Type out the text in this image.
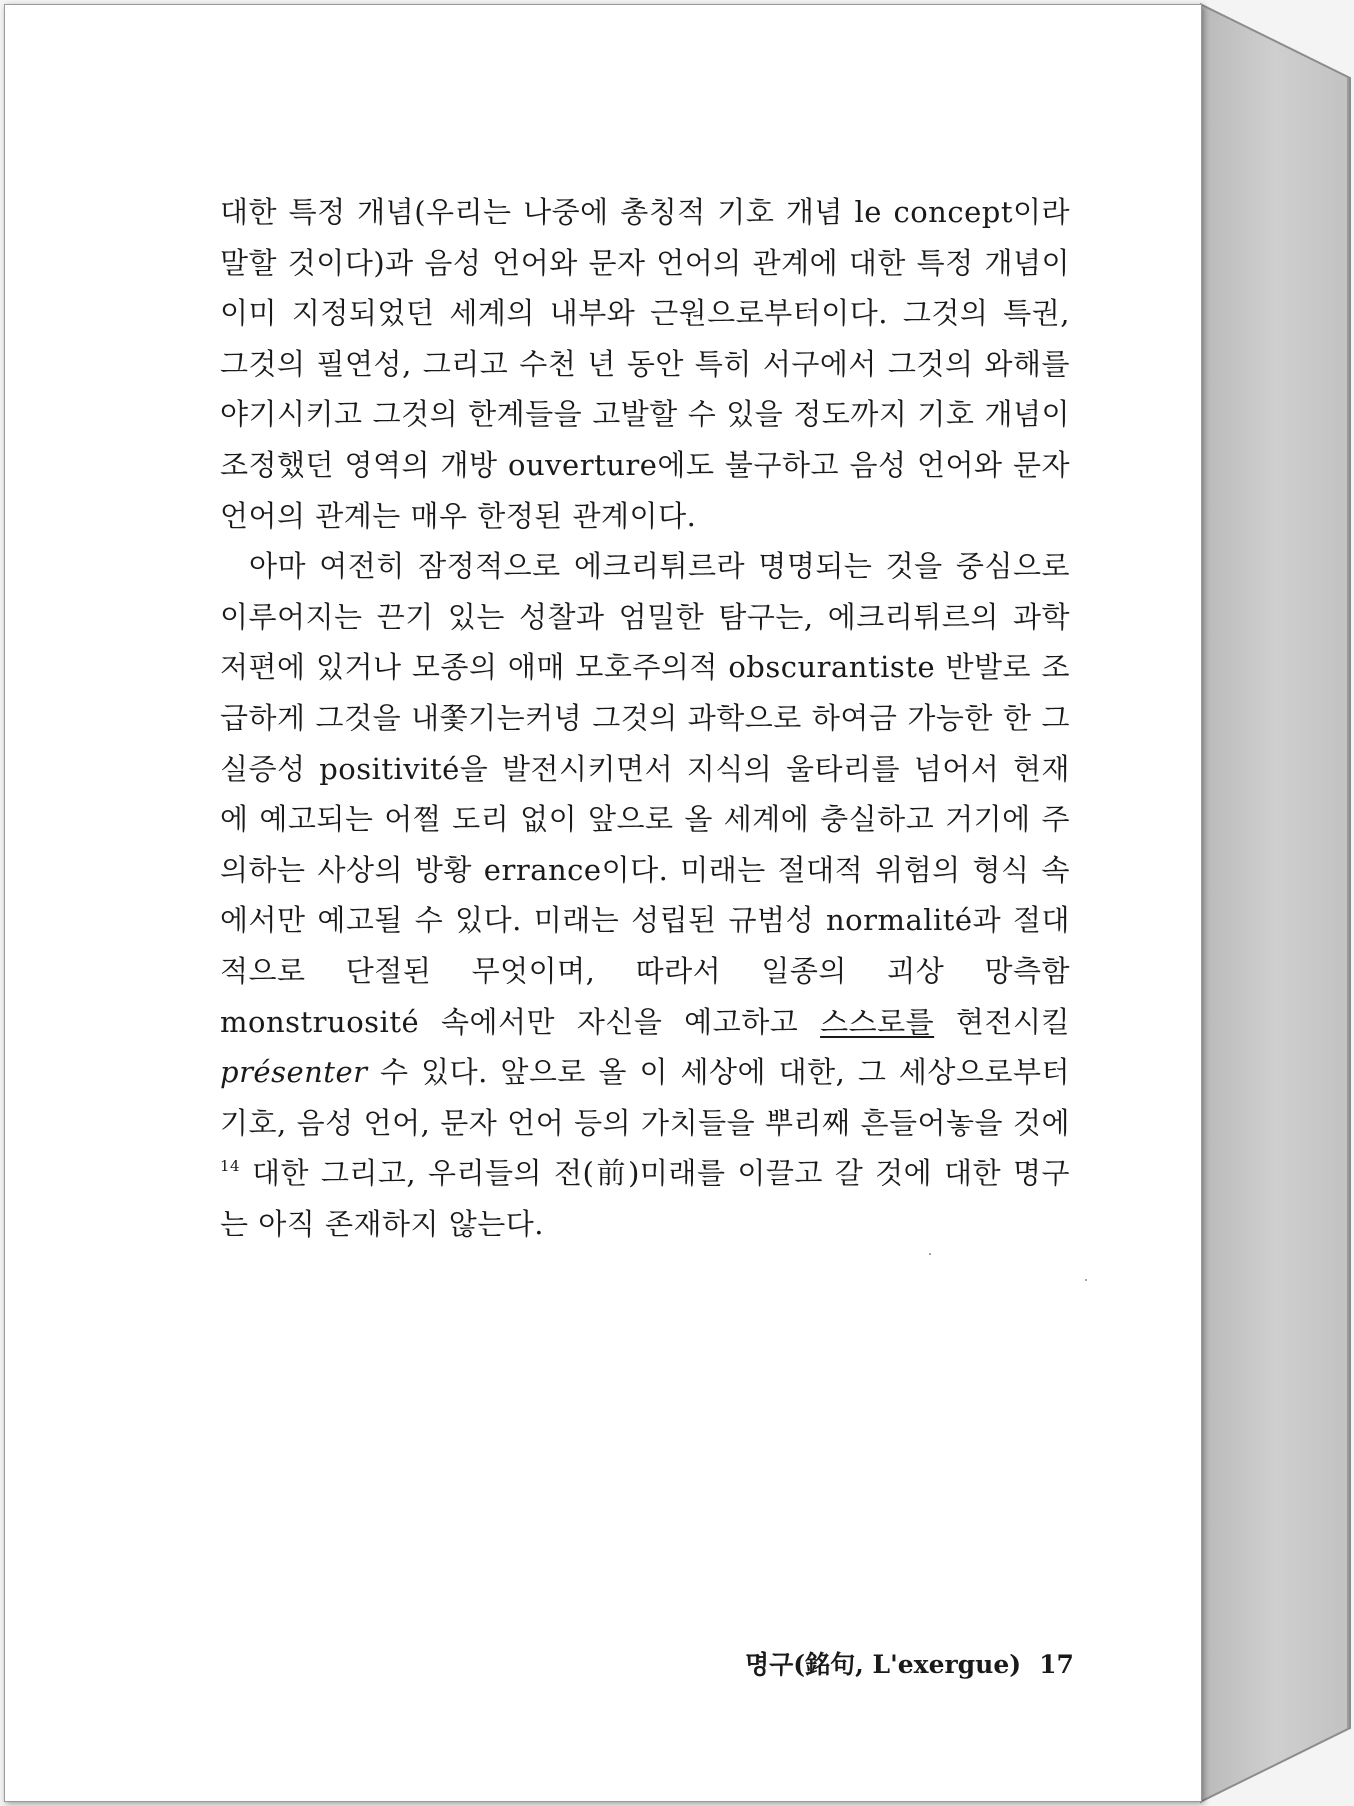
대한 특정 개념(우리는 나중에 총칭적 기호 개념 le concept이라 말할 것이다)과 음성 언어와 문자 언어의 관계에 대한 특정 개념이 이미 지정되었던 세계의 내부와 근원으로부터이다. 그것의 특권, 그것의 필연성, 그리고 수천 년 동안 특히 서구에서 그것의 와해를 야기시키고 그것의 한계들을 고발할 수 있을 정도까지 기호 개념이 조정했던 영역의 개방 ouverture에도 불구하고 음성 언어와 문자 언어의 관계는 매우 한정된 관계이다.

아마 여전히 잠정적으로 에크리튀르라 명명되는 것을 중심으로 이루어지는 끈기 있는 성찰과 엄밀한 탐구는, 에크리튀르의 과학 저편에 있거나 모종의 애매 모호주의적 obscurantiste 반발로 조급하게 그것을 내쫓기는커녕 그것의 과학으로 하여금 가능한 한 그 실증성 positivité을 발전시키면서 지식의 울타리를 넘어서 현재에 예고되는 어쩔 도리 없이 앞으로 올 세계에 충실하고 거기에 주의하는 사상의 방황 errance이다. 미래는 절대적 위험의 형식 속에서만 예고될 수 있다. 미래는 성립된 규범성 normalité과 절대적으로 단절된 무엇이며, 따라서 일종의 괴상 망측함 monstruosité 속에서만 자신을 예고하고 스스로를 현전시킬 présenter 수 있다. 앞으로 올 이 세상에 대한, 그 세상으로부터 기호, 음성 언어, 문자 언어 등의 가치들을 뿌리째 흔들어놓을 것에$^{14}$ 대한 그리고, 우리들의 전(前)미래를 이끌고 갈 것에 대한 명구는 아직 존재하지 않는다.

명구(銘句, L'exergue) 17
